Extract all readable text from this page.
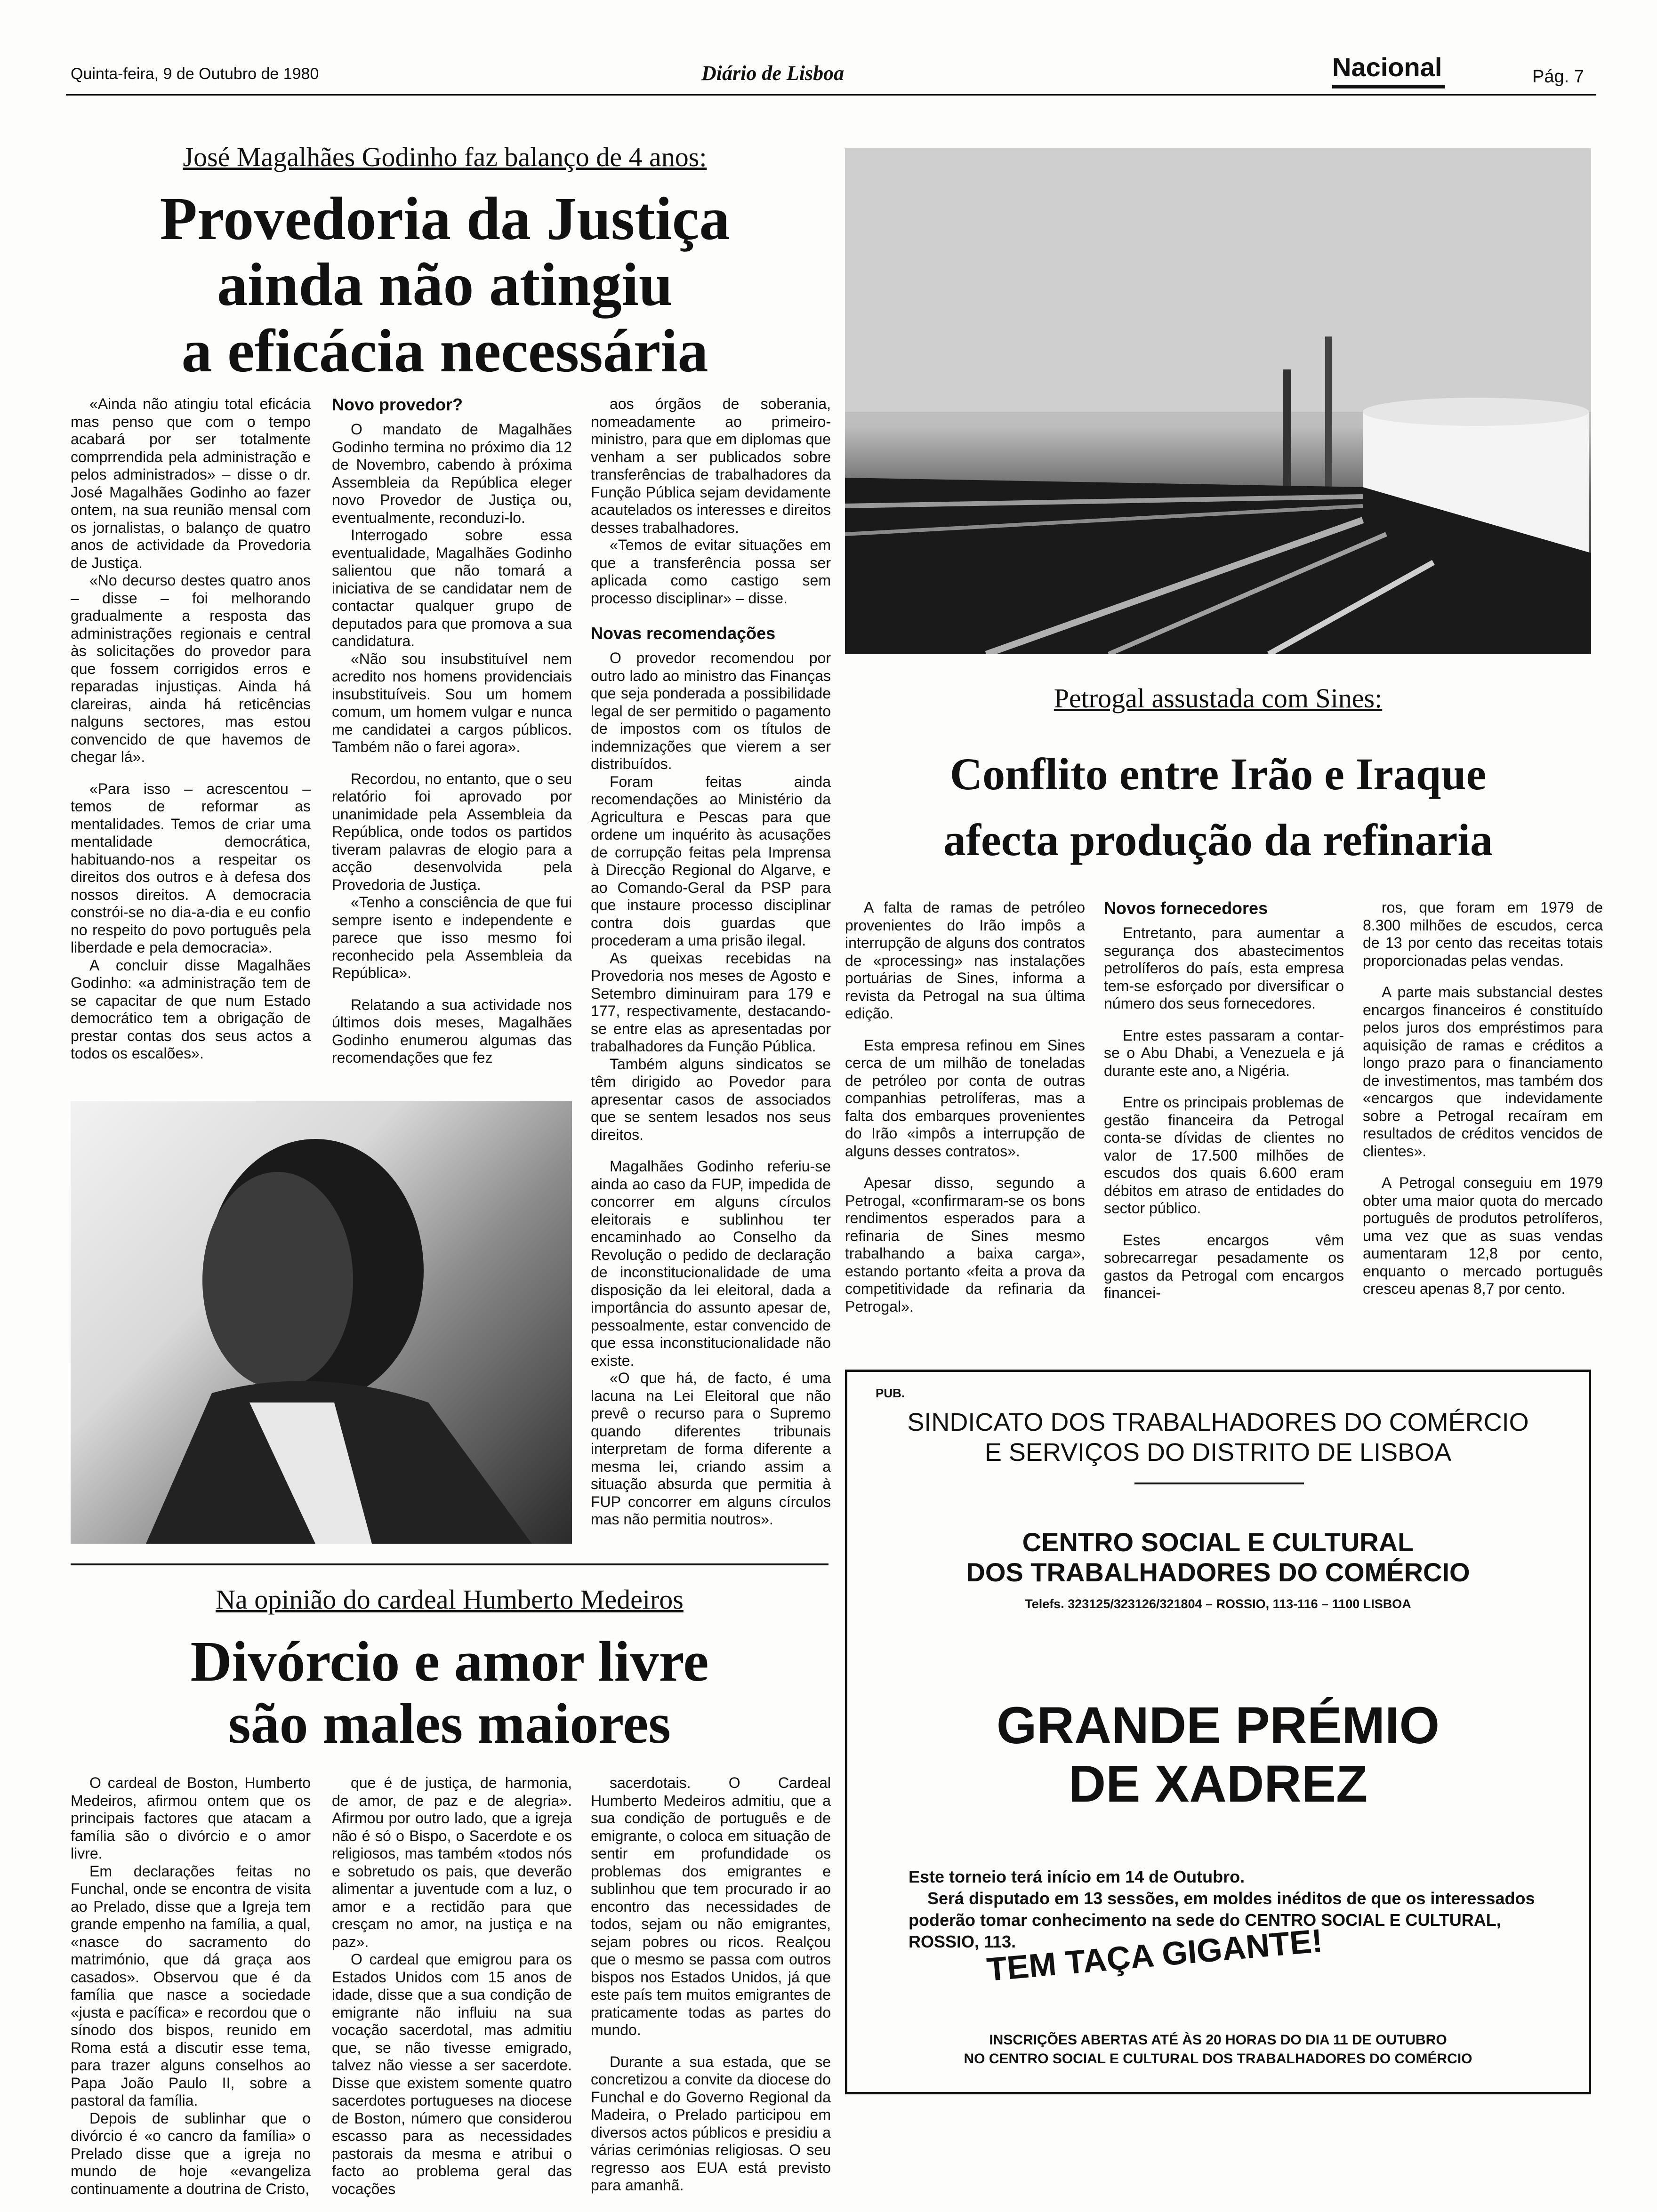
Quinta-feira, 9 de Outubro de 1980	Diário de Lisboa	Nacional	Pág. 7
José Magalhães Godinho faz balanço de 4 anos:
Provedoria da Justiça
ainda não atingiu
a eficácia necessária

«Ainda não atingiu total eficácia mas penso que com o tempo acabará por ser totalmente comprrendida pela administração e pelos administrados» – disse o dr. José Magalhães Godinho ao fazer ontem, na sua reunião mensal com os jornalistas, o balanço de quatro anos de actividade da Provedoria de Justiça.

«No decurso destes quatro anos – disse – foi melhorando gradualmente a resposta das administrações regionais e central às solicitações do provedor para que fossem corrigidos erros e reparadas injustiças. Ainda há clareiras, ainda há reticências nalguns sectores, mas estou convencido de que havemos de chegar lá».

«Para isso – acrescentou – temos de reformar as mentalidades. Temos de criar uma mentalidade democrática, habituando-nos a respeitar os direitos dos outros e à defesa dos nossos direitos. A democracia constrói-se no dia-a-dia e eu confio no respeito do povo português pela liberdade e pela democracia».

A concluir disse Magalhães Godinho: «a administração tem de se capacitar de que num Estado democrático tem a obrigação de prestar contas dos seus actos a todos os escalões».

Novo provedor?

O mandato de Magalhães Godinho termina no próximo dia 12 de Novembro, cabendo à próxima Assembleia da República eleger novo Provedor de Justiça ou, eventualmente, reconduzi-lo.

Interrogado sobre essa eventualidade, Magalhães Godinho salientou que não tomará a iniciativa de se candidatar nem de contactar qualquer grupo de deputados para que promova a sua candidatura.

«Não sou insubstituível nem acredito nos homens providenciais insubstituíveis. Sou um homem comum, um homem vulgar e nunca me candidatei a cargos públicos. Também não o farei agora».

Recordou, no entanto, que o seu relatório foi aprovado por unanimidade pela Assembleia da República, onde todos os partidos tiveram palavras de elogio para a acção desenvolvida pela Provedoria de Justiça.

«Tenho a consciência de que fui sempre isento e independente e parece que isso mesmo foi reconhecido pela Assembleia da República».

Relatando a sua actividade nos últimos dois meses, Magalhães Godinho enumerou algumas das recomendações que fez

aos órgãos de soberania, nomeadamente ao primeiro-ministro, para que em diplomas que venham a ser publicados sobre transferências de trabalhadores da Função Pública sejam devidamente acautelados os interesses e direitos desses trabalhadores.

«Temos de evitar situações em que a transferência possa ser aplicada como castigo sem processo disciplinar» – disse.

Novas recomendações

O provedor recomendou por outro lado ao ministro das Finanças que seja ponderada a possibilidade legal de ser permitido o pagamento de impostos com os títulos de indemnizações que vierem a ser distribuídos.

Foram feitas ainda recomendações ao Ministério da Agricultura e Pescas para que ordene um inquérito às acusações de corrupção feitas pela Imprensa à Direcção Regional do Algarve, e ao Comando-Geral da PSP para que instaure processo disciplinar contra dois guardas que procederam a uma prisão ilegal.

As queixas recebidas na Provedoria nos meses de Agosto e Setembro diminuiram para 179 e 177, respectivamente, destacando-se entre elas as apresentadas por trabalhadores da Função Pública.

Também alguns sindicatos se têm dirigido ao Povedor para apresentar casos de associados que se sentem lesados nos seus direitos.

Magalhães Godinho referiu-se ainda ao caso da FUP, impedida de concorrer em alguns círculos eleitorais e sublinhou ter encaminhado ao Conselho da Revolução o pedido de declaração de inconstitucionalidade de uma disposição da lei eleitoral, dada a importância do assunto apesar de, pessoalmente, estar convencido de que essa inconstitucionalidade não existe.

«O que há, de facto, é uma lacuna na Lei Eleitoral que não prevê o recurso para o Supremo quando diferentes tribunais interpretam de forma diferente a mesma lei, criando assim a situação absurda que permitia à FUP concorrer em alguns círculos mas não permitia noutros».

Na opinião do cardeal Humberto Medeiros
Divórcio e amor livre
são males maiores

O cardeal de Boston, Humberto Medeiros, afirmou ontem que os principais factores que atacam a família são o divórcio e o amor livre.

Em declarações feitas no Funchal, onde se encontra de visita ao Prelado, disse que a Igreja tem grande empenho na família, a qual, «nasce do sacramento do matrimónio, que dá graça aos casados». Observou que é da família que nasce a sociedade «justa e pacífica» e recordou que o sínodo dos bispos, reunido em Roma está a discutir esse tema, para trazer alguns conselhos ao Papa João Paulo II, sobre a pastoral da família.

Depois de sublinhar que o divórcio é «o cancro da família» o Prelado disse que a igreja no mundo de hoje «evangeliza continuamente a doutrina de Cristo,

que é de justiça, de harmonia, de amor, de paz e de alegria». Afirmou por outro lado, que a igreja não é só o Bispo, o Sacerdote e os religiosos, mas também «todos nós e sobretudo os pais, que deverão alimentar a juventude com a luz, o amor e a rectidão para que cresçam no amor, na justiça e na paz».

O cardeal que emigrou para os Estados Unidos com 15 anos de idade, disse que a sua condição de emigrante não influiu na sua vocação sacerdotal, mas admitiu que, se não tivesse emigrado, talvez não viesse a ser sacerdote. Disse que existem somente quatro sacerdotes portugueses na diocese de Boston, número que considerou escasso para as necessidades pastorais da mesma e atribui o facto ao problema geral das vocações

sacerdotais. O Cardeal Humberto Medeiros admitiu, que a sua condição de português e de emigrante, o coloca em situação de sentir em profundidade os problemas dos emigrantes e sublinhou que tem procurado ir ao encontro das necessidades de todos, sejam ou não emigrantes, sejam pobres ou ricos. Realçou que o mesmo se passa com outros bispos nos Estados Unidos, já que este país tem muitos emigrantes de praticamente todas as partes do mundo.

Durante a sua estada, que se concretizou a convite da diocese do Funchal e do Governo Regional da Madeira, o Prelado participou em diversos actos públicos e presidiu a várias cerimónias religiosas. O seu regresso aos EUA está previsto para amanhã.

Petrogal assustada com Sines:
Conflito entre Irão e Iraque
afecta produção da refinaria

A falta de ramas de petróleo provenientes do Irão impôs a interrupção de alguns dos contratos de «processing» nas instalações portuárias de Sines, informa a revista da Petrogal na sua última edição.

Esta empresa refinou em Sines cerca de um milhão de toneladas de petróleo por conta de outras companhias petrolíferas, mas a falta dos embarques provenientes do Irão «impôs a interrupção de alguns desses contratos».

Apesar disso, segundo a Petrogal, «confirmaram-se os bons rendimentos esperados para a refinaria de Sines mesmo trabalhando a baixa carga», estando portanto «feita a prova da competitividade da refinaria da Petrogal».

Novos fornecedores

Entretanto, para aumentar a segurança dos abastecimentos petrolíferos do país, esta empresa tem-se esforçado por diversificar o número dos seus fornecedores.

Entre estes passaram a contar-se o Abu Dhabi, a Venezuela e já durante este ano, a Nigéria.

Entre os principais problemas de gestão financeira da Petrogal conta-se dívidas de clientes no valor de 17.500 milhões de escudos dos quais 6.600 eram débitos em atraso de entidades do sector público.

Estes encargos vêm sobrecarregar pesadamente os gastos da Petrogal com encargos financei-

ros, que foram em 1979 de 8.300 milhões de escudos, cerca de 13 por cento das receitas totais proporcionadas pelas vendas.

A parte mais substancial destes encargos financeiros é constituído pelos juros dos empréstimos para aquisição de ramas e créditos a longo prazo para o financiamento de investimentos, mas também dos «encargos que indevidamente sobre a Petrogal recaíram em resultados de créditos vencidos de clientes».

A Petrogal conseguiu em 1979 obter uma maior quota do mercado português de produtos petrolíferos, uma vez que as suas vendas aumentaram 12,8 por cento, enquanto o mercado português cresceu apenas 8,7 por cento.

PUB.
SINDICATO DOS TRABALHADORES DO COMÉRCIO
E SERVIÇOS DO DISTRITO DE LISBOA
CENTRO SOCIAL E CULTURAL
DOS TRABALHADORES DO COMÉRCIO
Telefs. 323125/323126/321804 – ROSSIO, 113-116 – 1100 LISBOA
GRANDE PRÉMIO
DE XADREZ
Este torneio terá início em 14 de Outubro.
Será disputado em 13 sessões, em moldes inéditos de que os interessados poderão tomar conhecimento na sede do CENTRO SOCIAL E CULTURAL, ROSSIO, 113.
TEM TAÇA GIGANTE!
INSCRIÇÕES ABERTAS ATÉ ÀS 20 HORAS DO DIA 11 DE OUTUBRO
NO CENTRO SOCIAL E CULTURAL DOS TRABALHADORES DO COMÉRCIO
